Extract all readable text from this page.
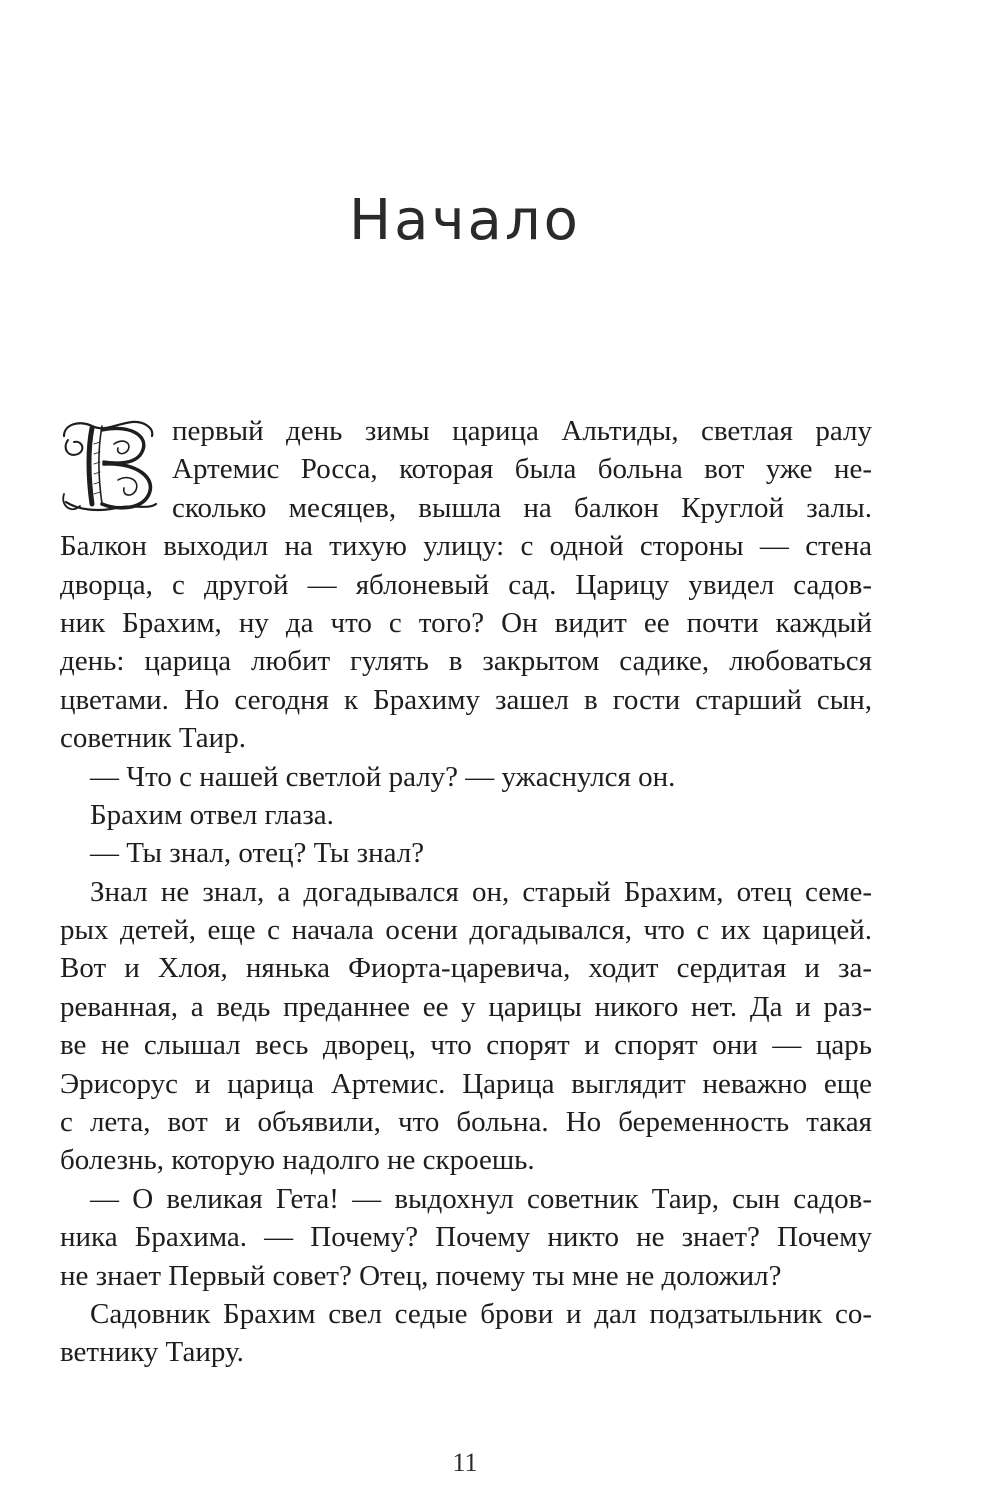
Начало
первый день зимы царица Альтиды, светлая ралу
Артемис Росса, которая была больна вот уже не-
сколько месяцев, вышла на балкон Круглой залы.
Балкон выходил на тихую улицу: с одной стороны — стена
дворца, с другой — яблоневый сад. Царицу увидел садов-
ник Брахим, ну да что с того? Он видит ее почти каждый
день: царица любит гулять в закрытом садике, любоваться
цветами. Но сегодня к Брахиму зашел в гости старший сын,
советник Таир.
— Что с нашей светлой ралу? — ужаснулся он.
Брахим отвел глаза.
— Ты знал, отец? Ты знал?
Знал не знал, а догадывался он, старый Брахим, отец семе-
рых детей, еще с начала осени догадывался, что с их царицей.
Вот и Хлоя, нянька Фиорта-царевича, ходит сердитая и за-
реванная, а ведь преданнее ее у царицы никого нет. Да и раз-
ве не слышал весь дворец, что спорят и спорят они — царь
Эрисорус и царица Артемис. Царица выглядит неважно еще
с лета, вот и объявили, что больна. Но беременность такая
болезнь, которую надолго не скроешь.
— О великая Гета! — выдохнул советник Таир, сын садов-
ника Брахима. — Почему? Почему никто не знает? Почему
не знает Первый совет? Отец, почему ты мне не доложил?
Садовник Брахим свел седые брови и дал подзатыльник со-
ветнику Таиру.
11
